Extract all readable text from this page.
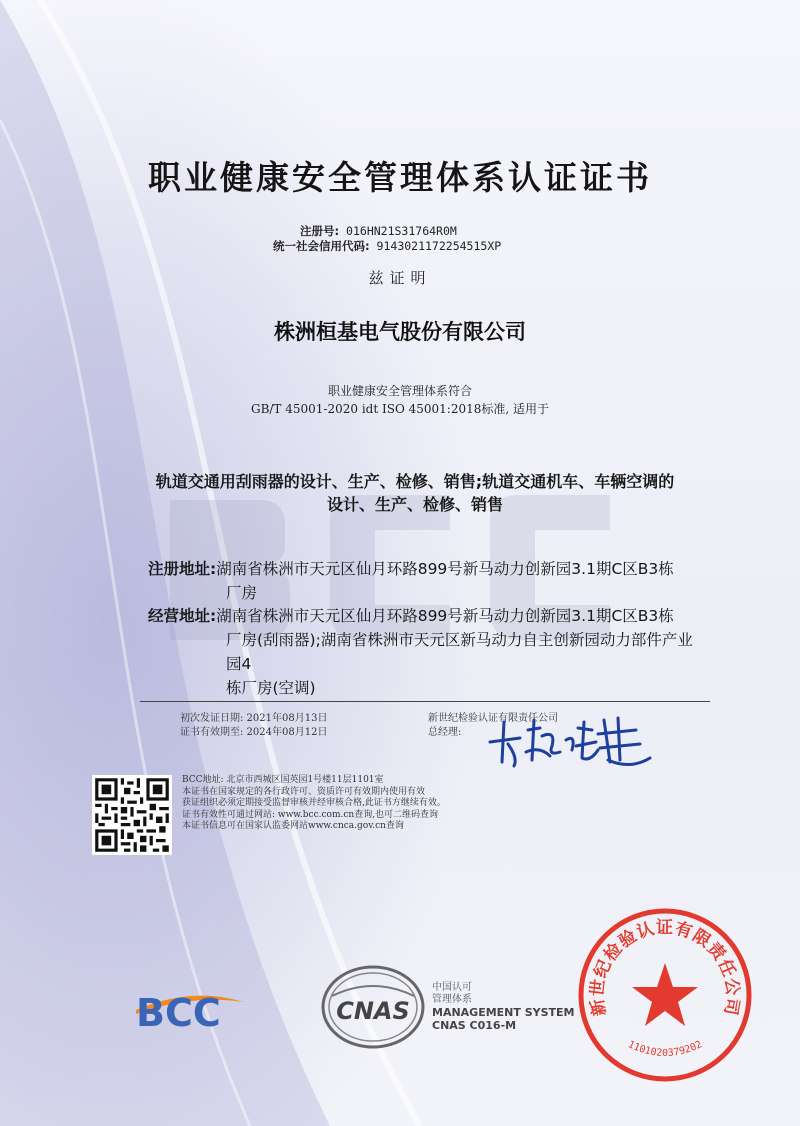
职业健康安全管理体系认证证书
注册号: 016HN21S31764R0M
统一社会信用代码: 9143021172254515XP
兹证明
株洲桓基电气股份有限公司
职业健康安全管理体系符合
GB/T 45001-2020 idt ISO 45001:2018标准, 适用于
轨道交通用刮雨器的设计、生产、检修、销售;轨道交通机车、车辆空调的
设计、生产、检修、销售
注册地址:湖南省株洲市天元区仙月环路899号新马动力创新园3.1期C区B3栋
厂房
经营地址:湖南省株洲市天元区仙月环路899号新马动力创新园3.1期C区B3栋
厂房(刮雨器);湖南省株洲市天元区新马动力自主创新园动力部件产业园4
栋厂房(空调)
初次发证日期: 2021年08月13日
证书有效期至: 2024年08月12日
新世纪检验认证有限责任公司
总经理:
BCC地址: 北京市西城区国英园1号楼11层1101室
本证书在国家规定的各行政许可、资质许可有效期内使用有效
获证组织必须定期接受监督审核并经审核合格,此证书方继续有效。
证书有效性可通过网站: www.bcc.com.cn查询,也可二维码查询
本证书信息可在国家认监委网站www.cnca.gov.cn查询
BCC	CNAS
中国认可
管理体系
MANAGEMENT SYSTEM
CNAS C016-M
新世纪检验认证有限责任公司
1101020379202
